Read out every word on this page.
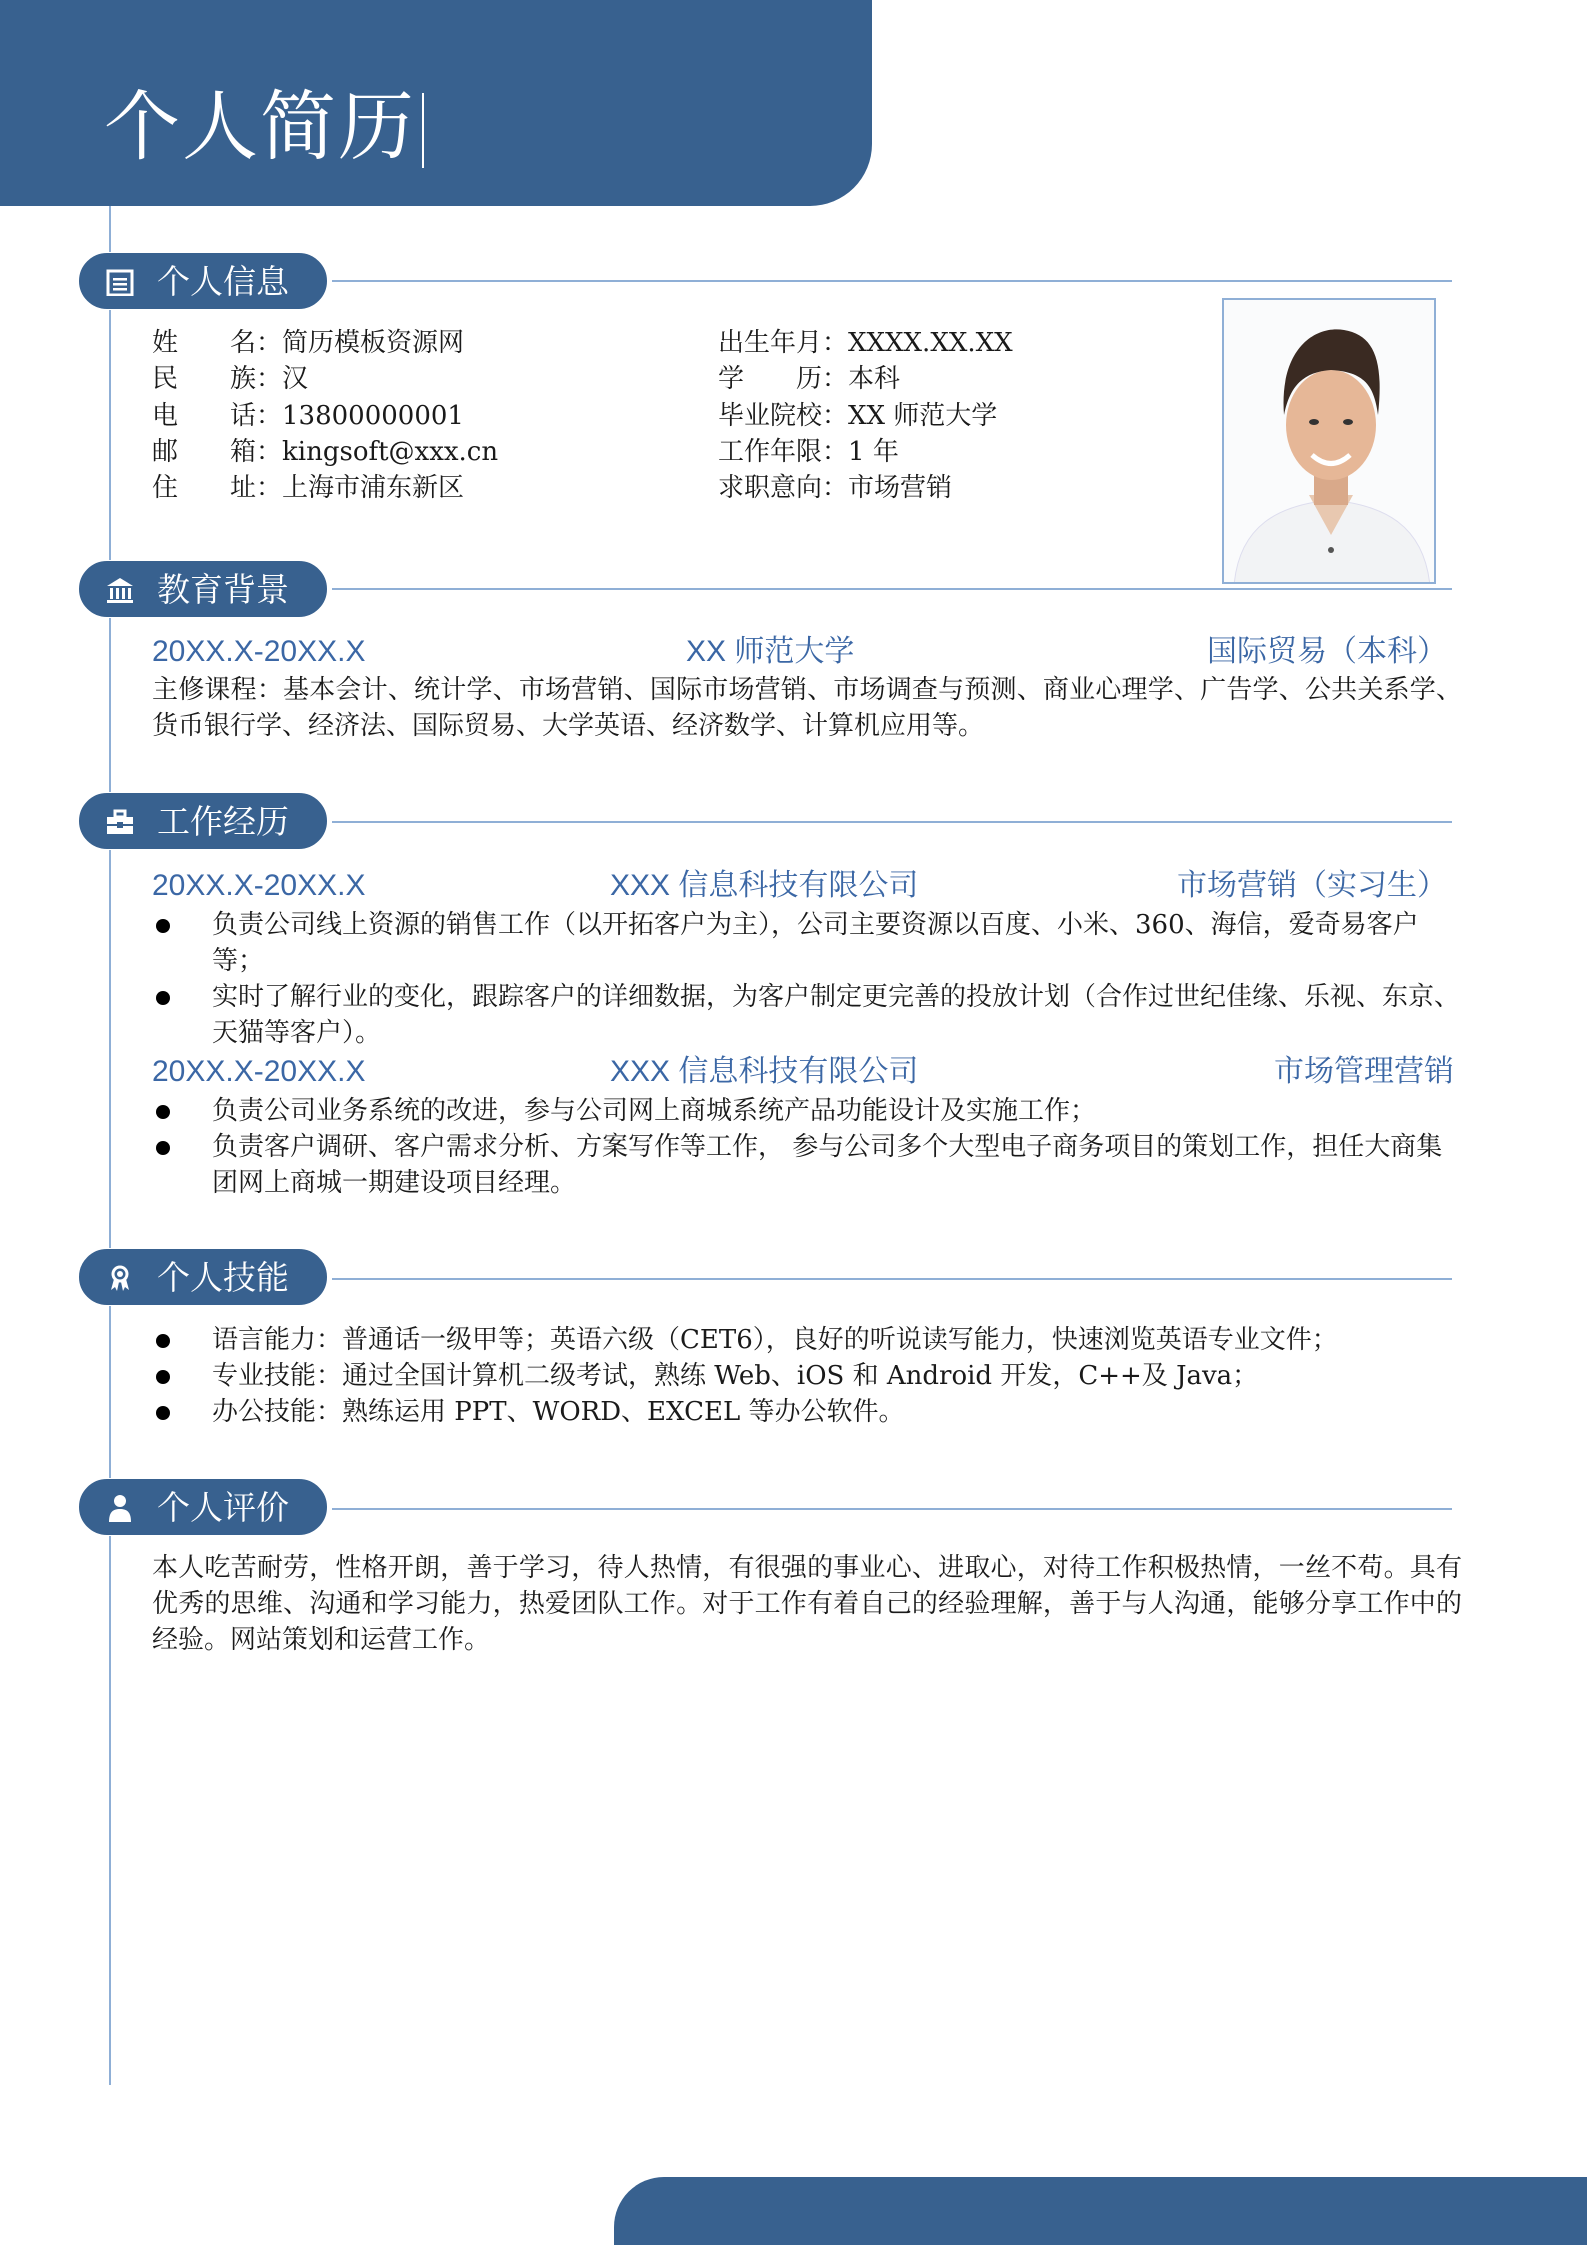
个人简历
个人信息
姓　　名：简历模板资源网
民　　族：汉
电　　话：13800000001
邮　　箱：kingsoft@xxx.cn
住　　址：上海市浦东新区
出生年月：XXXX.XX.XX
学　　历：本科
毕业院校：XX 师范大学
工作年限：1 年
求职意向：市场营销
教育背景
20XX.X-20XX.X	XX 师范大学	国际贸易（本科）
主修课程：基本会计、统计学、市场营销、国际市场营销、市场调查与预测、商业心理学、广告学、公共关系学、货币银行学、经济法、国际贸易、大学英语、经济数学、计算机应用等。
工作经历
20XX.X-20XX.X	XXX 信息科技有限公司	市场营销（实习生）
负责公司线上资源的销售工作（以开拓客户为主），公司主要资源以百度、小米、360、海信，爱奇易客户等；
实时了解行业的变化，跟踪客户的详细数据，为客户制定更完善的投放计划（合作过世纪佳缘、乐视、东京、天猫等客户）。
20XX.X-20XX.X	XXX 信息科技有限公司	市场管理营销
负责公司业务系统的改进，参与公司网上商城系统产品功能设计及实施工作；
负责客户调研、客户需求分析、方案写作等工作， 参与公司多个大型电子商务项目的策划工作，担任大商集团网上商城一期建设项目经理。
个人技能
语言能力：普通话一级甲等；英语六级（CET6），良好的听说读写能力，快速浏览英语专业文件；
专业技能：通过全国计算机二级考试，熟练 Web、iOS 和 Android 开发，C++及 Java；
办公技能：熟练运用 PPT、WORD、EXCEL 等办公软件。
个人评价
本人吃苦耐劳，性格开朗，善于学习，待人热情，有很强的事业心、进取心，对待工作积极热情，一丝不苟。具有优秀的思维、沟通和学习能力，热爱团队工作。对于工作有着自己的经验理解，善于与人沟通，能够分享工作中的经验。网站策划和运营工作。
